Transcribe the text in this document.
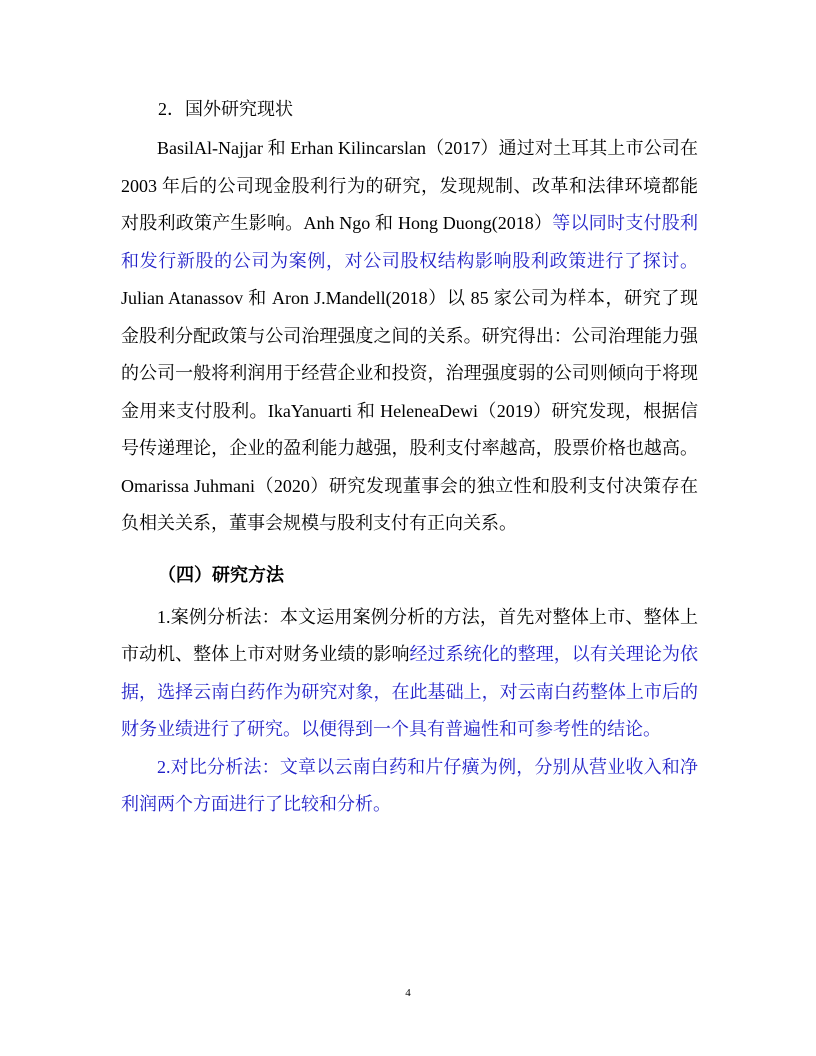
2．国外研究现状

BasilAl-Najjar 和 Erhan Kilincarslan（2017）通过对土耳其上市公司在 2003 年后的公司现金股利行为的研究，发现规制、改革和法律环境都能对股利政策产生影响。Anh Ngo 和 Hong Duong(2018）等以同时支付股利和发行新股的公司为案例，对公司股权结构影响股利政策进行了探讨。Julian Atanassov 和 Aron J.Mandell(2018）以 85 家公司为样本，研究了现金股利分配政策与公司治理强度之间的关系。研究得出：公司治理能力强的公司一般将利润用于经营企业和投资，治理强度弱的公司则倾向于将现金用来支付股利。IkaYanuarti 和 HeleneaDewi（2019）研究发现，根据信号传递理论，企业的盈利能力越强，股利支付率越高，股票价格也越高。Omarissa Juhmani（2020）研究发现董事会的独立性和股利支付决策存在负相关关系，董事会规模与股利支付有正向关系。

（四）研究方法

1.案例分析法：本文运用案例分析的方法，首先对整体上市、整体上市动机、整体上市对财务业绩的影响经过系统化的整理，以有关理论为依据，选择云南白药作为研究对象，在此基础上，对云南白药整体上市后的财务业绩进行了研究。以便得到一个具有普遍性和可参考性的结论。

2.对比分析法：文章以云南白药和片仔癀为例，分别从营业收入和净利润两个方面进行了比较和分析。

4
